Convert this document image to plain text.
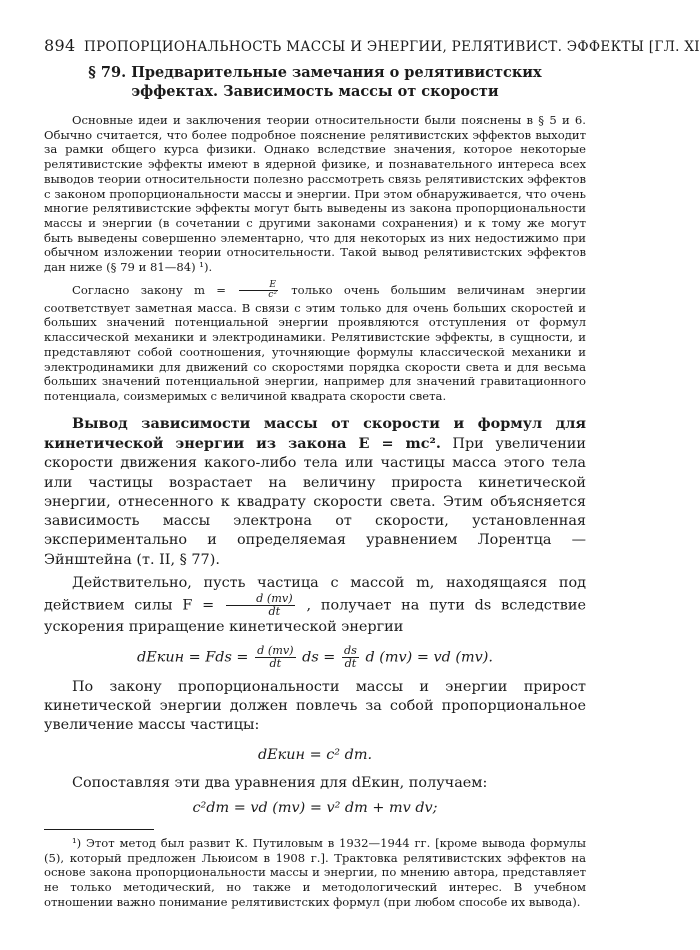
894 ПРОПОРЦИОНАЛЬНОСТЬ МАССЫ И ЭНЕРГИИ, РЕЛЯТИВИСТ. ЭФФЕКТЫ [ГЛ. XI
§ 79. Предварительные замечания о релятивистских
эффектах. Зависимость массы от скорости

Основные идеи и заключения теории относительности были пояснены в § 5 и 6. Обычно считается, что более подробное пояснение релятивистских эффектов выходит за рамки общего курса физики. Однако вследствие значения, которое некоторые релятивистские эффекты имеют в ядерной физике, и познавательного интереса всех выводов теории относительности полезно рассмотреть связь релятивистских эффектов с законом пропорциональности массы и энергии. При этом обнаруживается, что очень многие релятивистские эффекты могут быть выведены из закона пропорциональности массы и энергии (в сочетании с другими законами сохранения) и к тому же могут быть выведены совершенно элементарно, что для некоторых из них недостижимо при обычном изложении теории относительности. Такой вывод релятивистских эффектов дан ниже (§ 79 и 81—84) ¹).

Согласно закону $m = \frac{E}{\text{c²}}$ только очень большим величинам энергии соответствует заметная масса. В связи с этим только для очень больших скоростей и больших значений потенциальной энергии проявляются отступления от формул классической механики и электродинамики. Релятивистские эффекты, в сущности, и представляют собой соотношения, уточняющие формулы классической механики и электродинамики для движений со скоростями порядка скорости света и для весьма больших значений потенциальной энергии, например для значений гравитационного потенциала, соизмеримых с величиной квадрата скорости света.

Вывод зависимости массы от скорости и формул для кинетической энергии из закона E = mc². При увеличении скорости движения какого-либо тела или частицы масса этого тела или частицы возрастает на величину прироста кинетической энергии, отнесенного к квадрату скорости света. Этим объясняется зависимость массы электрона от скорости, установленная экспериментально и определяемая уравнением Лорентца — Эйнштейна (т. II, § 77).

Действительно, пусть частица с массой m, находящаяся под действием силы $F = \frac{d (mv)}{dt}$ , получает на пути ds вследствие ускорения приращение кинетической энергии

dEкин = Fds = $\frac{d (mv)}{dt}$ ds = $\frac{ds}{dt}$ d (mv) = vd (mv).

По закону пропорциональности массы и энергии прирост кинетической энергии должен повлечь за собой пропорциональное увеличение массы частицы:

dEкин = c² dm.

Сопоставляя эти два уравнения для dEкин, получаем:

c²dm = vd (mv) = v² dm + mv dv;

¹) Этот метод был развит К. Путиловым в 1932—1944 гг. [кроме вывода формулы (5), который предложен Льюисом в 1908 г.]. Трактовка релятивистских эффектов на основе закона пропорциональности массы и энергии, по мнению автора, представляет не только методический, но также и методологический интерес. В учебном отношении важно понимание релятивистских формул (при любом способе их вывода).
